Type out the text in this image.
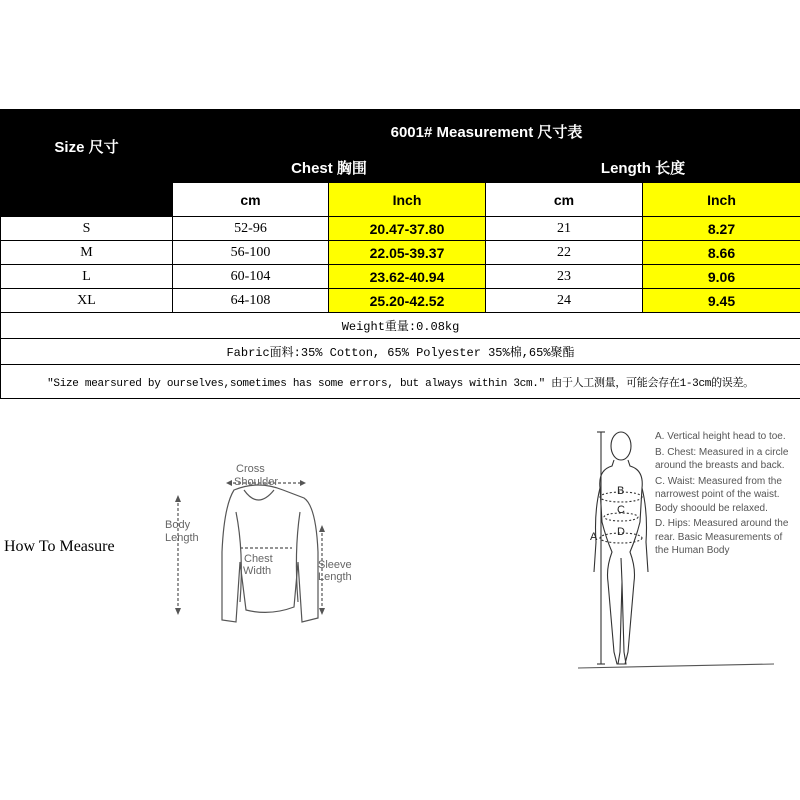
Size 尺寸	6001# Measurement 尺寸表			
	Chest 胸围		Length 长度	
	cm	Inch	cm	Inch
S	52-96	20.47-37.80	21	8.27
M	56-100	22.05-39.37	22	8.66
L	60-104	23.62-40.94	23	9.06
XL	64-108	25.20-42.52	24	9.45
Weight重量:0.08kg				
Fabric面料:35% Cotton, 65% Polyester 35%棉,65%聚酯				
"Size mearsured by ourselves,sometimes has some errors, but always within 3cm." 由于人工测量，可能会存在1-3cm的误差。				
How To Measure
Cross
Shoulder
Body
Length
Chest
Width	Sleeve
Length
A
B
C
D

A. Vertical height head to toe.

B. Chest: Measured in a circle around the breasts and back.

C. Waist: Measured from the narrowest point of the waist. Body shoould be relaxed.

D. Hips: Measured around the rear. Basic Measurements of the Human Body
